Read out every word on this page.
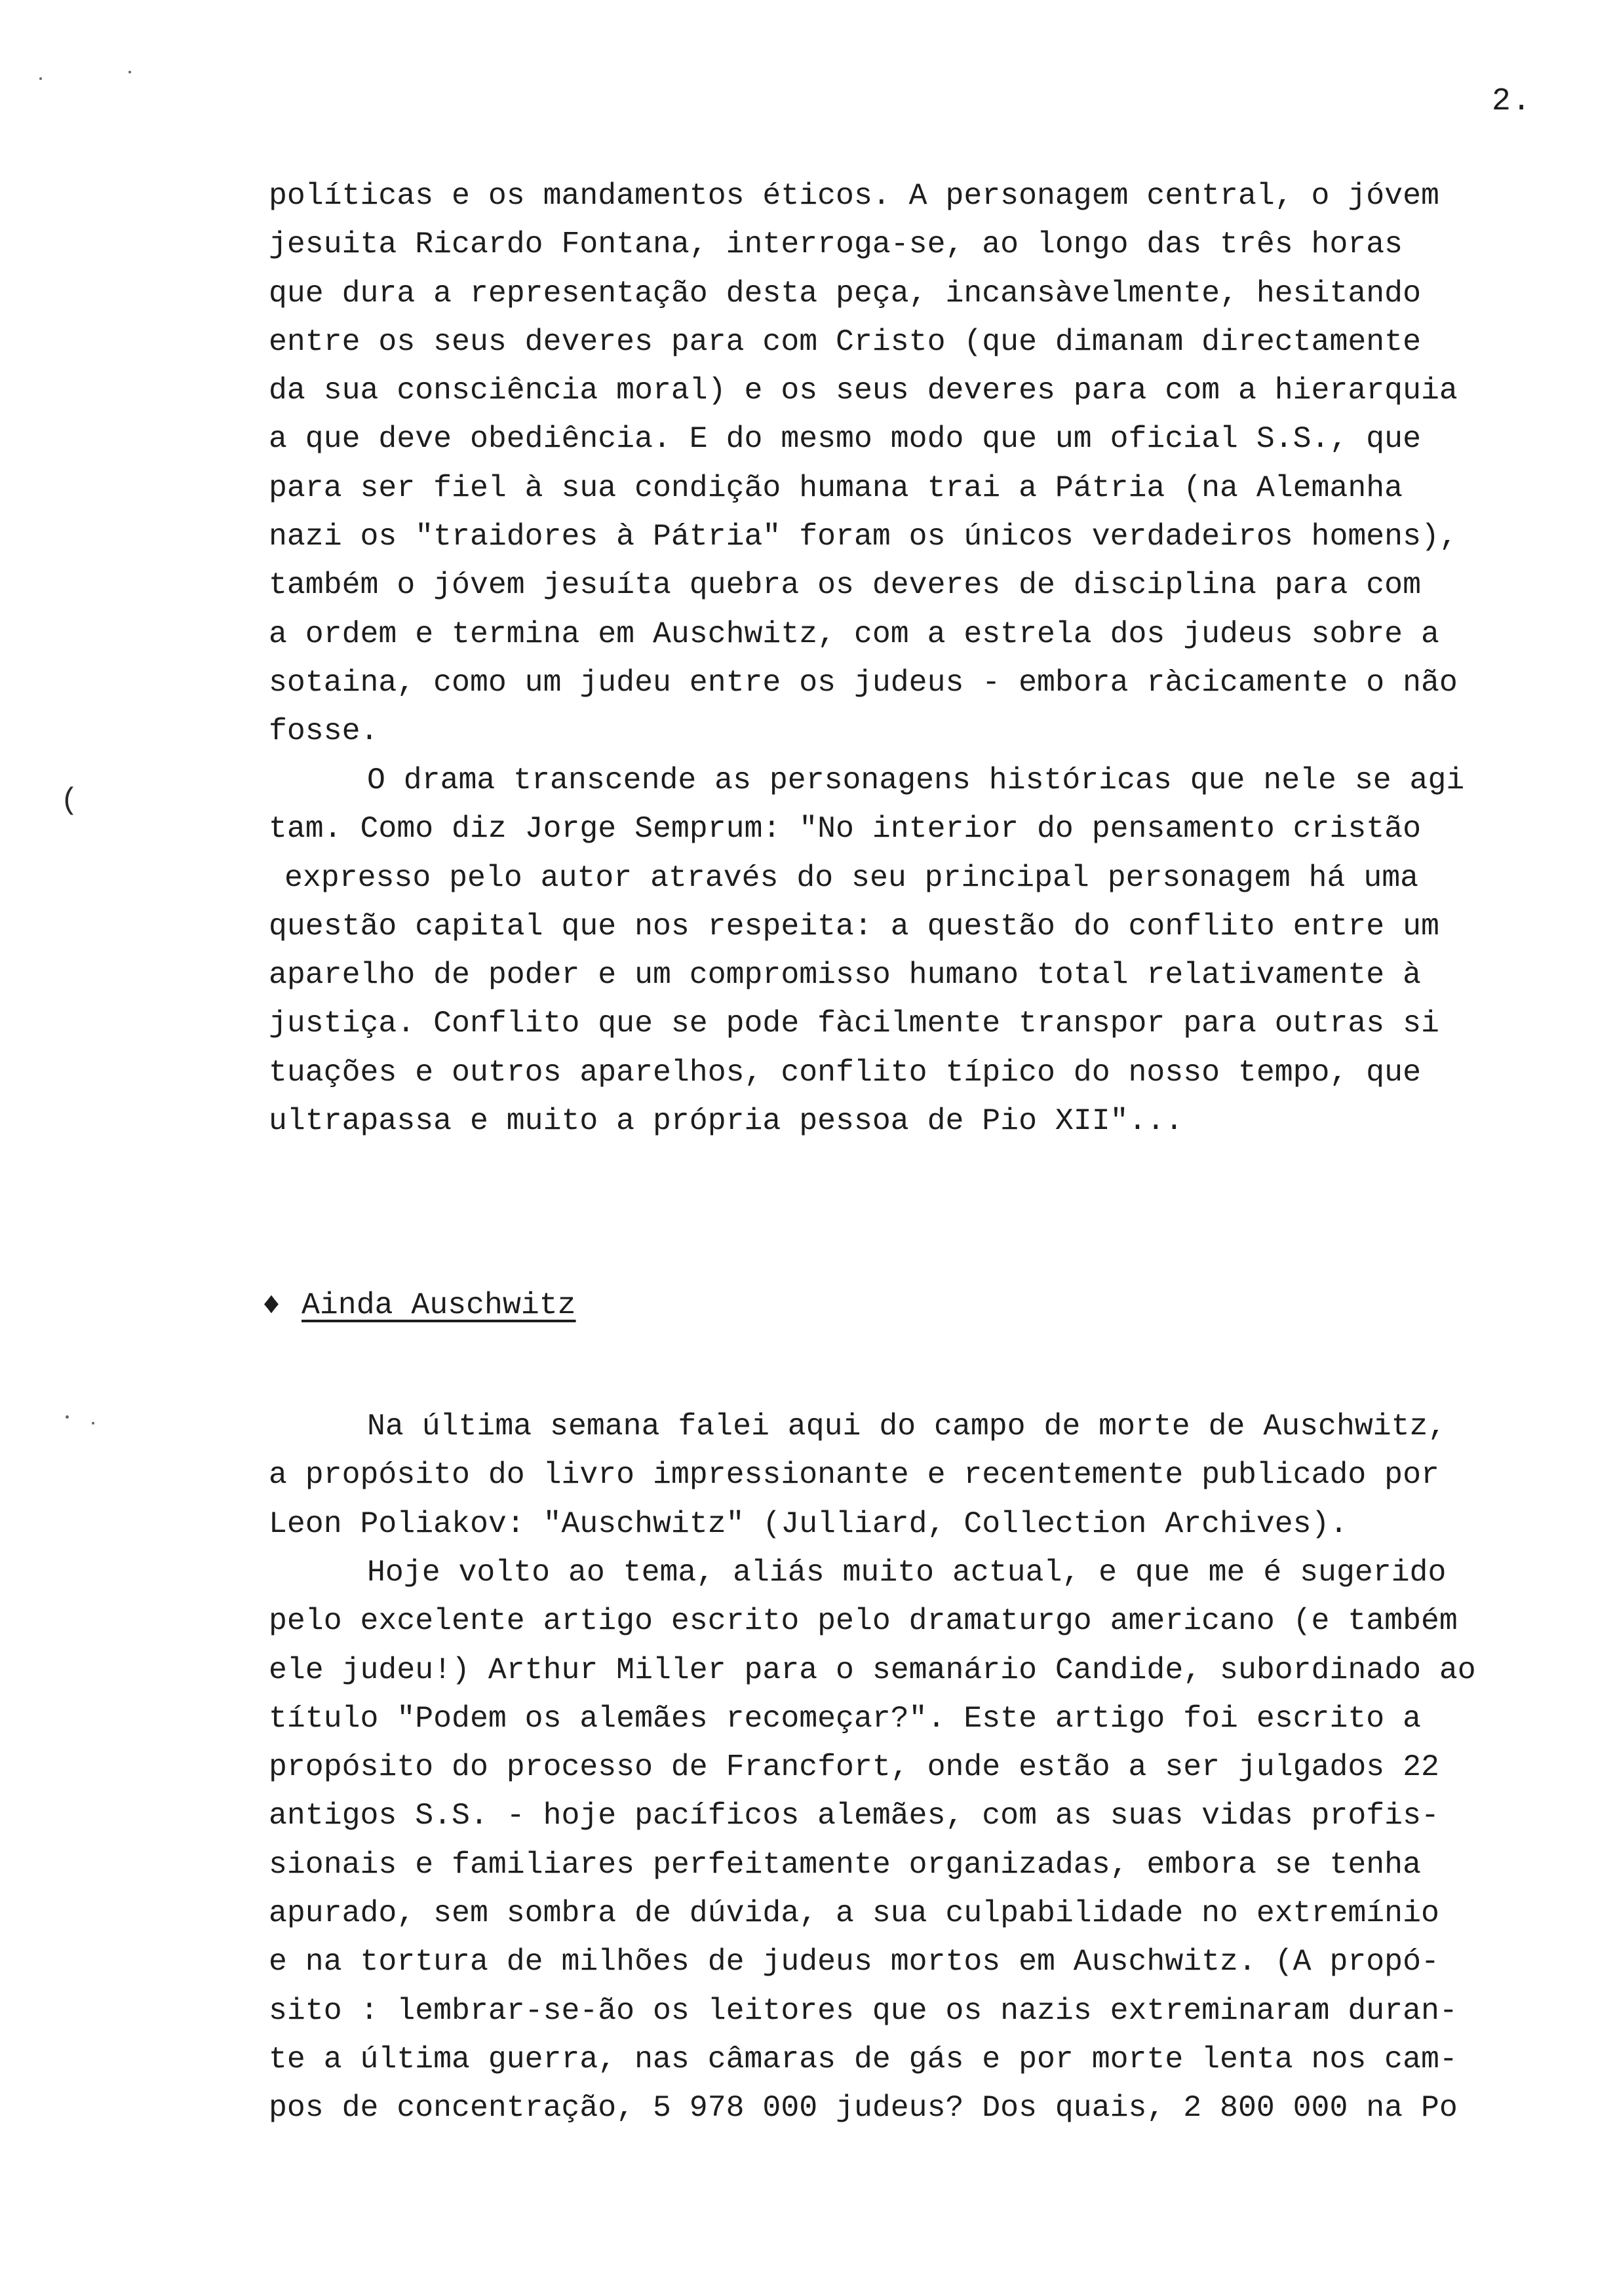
2.
políticas e os mandamentos éticos. A personagem central, o jóvem
jesuita Ricardo Fontana, interroga-se, ao longo das três horas
que dura a representação desta peça, incansàvelmente, hesitando
entre os seus deveres para com Cristo (que dimanam directamente
da sua consciência moral) e os seus deveres para com a hierarquia
a que deve obediência. E do mesmo modo que um oficial S.S., que
para ser fiel à sua condição humana trai a Pátria (na Alemanha
nazi os "traidores à Pátria" foram os únicos verdadeiros homens),
também o jóvem jesuíta quebra os deveres de disciplina para com
a ordem e termina em Auschwitz, com a estrela dos judeus sobre a
sotaina, como um judeu entre os judeus - embora ràcicamente o não
fosse.
O drama transcende as personagens históricas que nele se agi
tam. Como diz Jorge Semprum: "No interior do pensamento cristão
expresso pelo autor através do seu principal personagem há uma
questão capital que nos respeita: a questão do conflito entre um
aparelho de poder e um compromisso humano total relativamente à
justiça. Conflito que se pode fàcilmente transpor para outras si
tuações e outros aparelhos, conflito típico do nosso tempo, que
ultrapassa e muito a própria pessoa de Pio XII"...
♦ Ainda Auschwitz
Na última semana falei aqui do campo de morte de Auschwitz,
a propósito do livro impressionante e recentemente publicado por
Leon Poliakov: "Auschwitz" (Julliard, Collection Archives).
Hoje volto ao tema, aliás muito actual, e que me é sugerido
pelo excelente artigo escrito pelo dramaturgo americano (e também
ele judeu!) Arthur Miller para o semanário Candide, subordinado ao
título "Podem os alemães recomeçar?". Este artigo foi escrito a
propósito do processo de Francfort, onde estão a ser julgados 22
antigos S.S. - hoje pacíficos alemães, com as suas vidas profis-
sionais e familiares perfeitamente organizadas, embora se tenha
apurado, sem sombra de dúvida, a sua culpabilidade no extremínio
e na tortura de milhões de judeus mortos em Auschwitz. (A propó-
sito : lembrar-se-ão os leitores que os nazis extreminaram duran-
te a última guerra, nas câmaras de gás e por morte lenta nos cam-
pos de concentração, 5 978 000 judeus? Dos quais, 2 800 000 na Po
(
